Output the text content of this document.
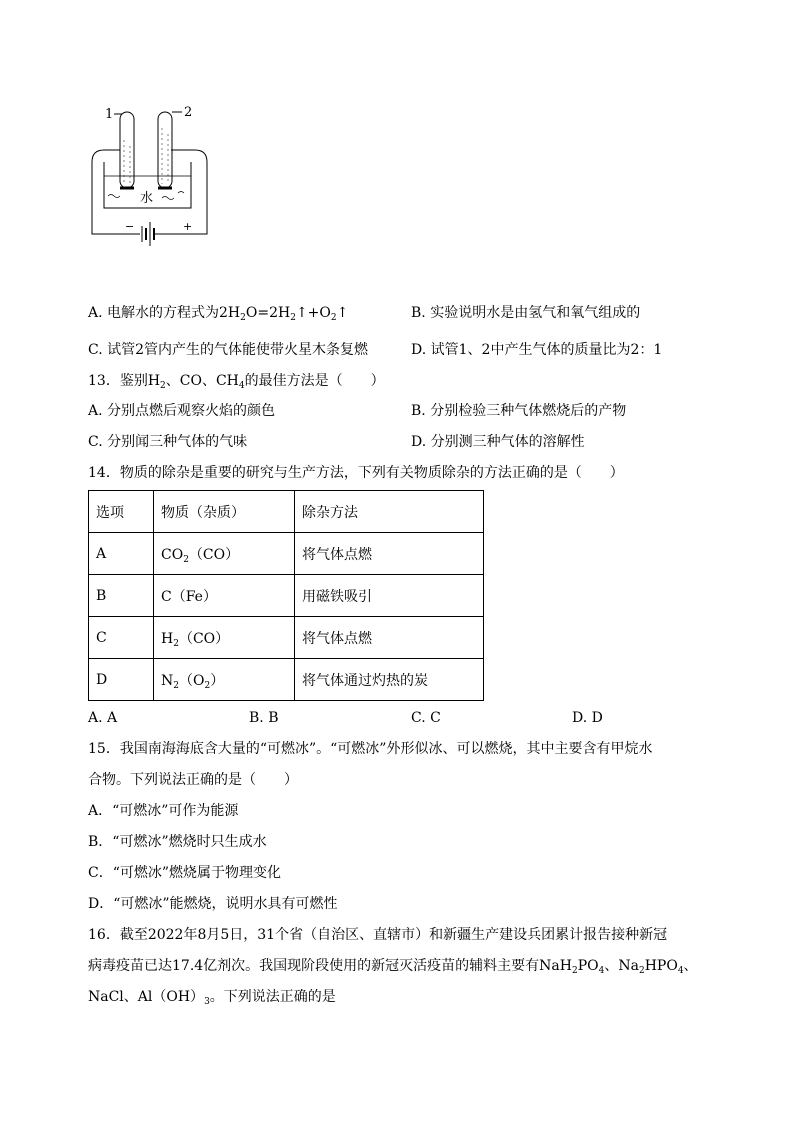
−	+
水
1	2
A. 电解水的方程式为$2H_2O=2H_2↑+O_2↑$	B. 实验说明水是由氢气和氧气组成的
C. 试管2管内产生的气体能使带火星木条复燃	D. 试管1、2中产生气体的质量比为2：1
13．鉴别$H_2$、CO、$CH_4$的最佳方法是（　　）
A. 分别点燃后观察火焰的颜色	B. 分别检验三种气体燃烧后的产物
C. 分别闻三种气体的气味	D. 分别测三种气体的溶解性
14．物质的除杂是重要的研究与生产方法，下列有关物质除杂的方法正确的是（　　）
选项	物质（杂质）	除杂方法
A	$CO_2(CO)$	将气体点燃
B	C（Fe）	用磁铁吸引
C	$H_2(CO)$	将气体点燃
D	$N_2(O_2)$	将气体通过灼热的炭
A. A	B. B	C. C	D. D
15．我国南海海底含大量的“可燃冰”。“可燃冰”外形似冰、可以燃烧，其中主要含有甲烷水
合物。下列说法正确的是（　　）
A．“可燃冰”可作为能源
B．“可燃冰”燃烧时只生成水
C．“可燃冰”燃烧属于物理变化
D．“可燃冰”能燃烧，说明水具有可燃性
16．截至2022年8月5日，31个省（自治区、直辖市）和新疆生产建设兵团累计报告接种新冠
病毒疫苗已达17.4亿剂次。我国现阶段使用的新冠灭活疫苗的辅料主要有$NaH_2PO_4$、$Na_2HPO_4$、
NaCl、$Al(OH)_3$。下列说法正确的是
